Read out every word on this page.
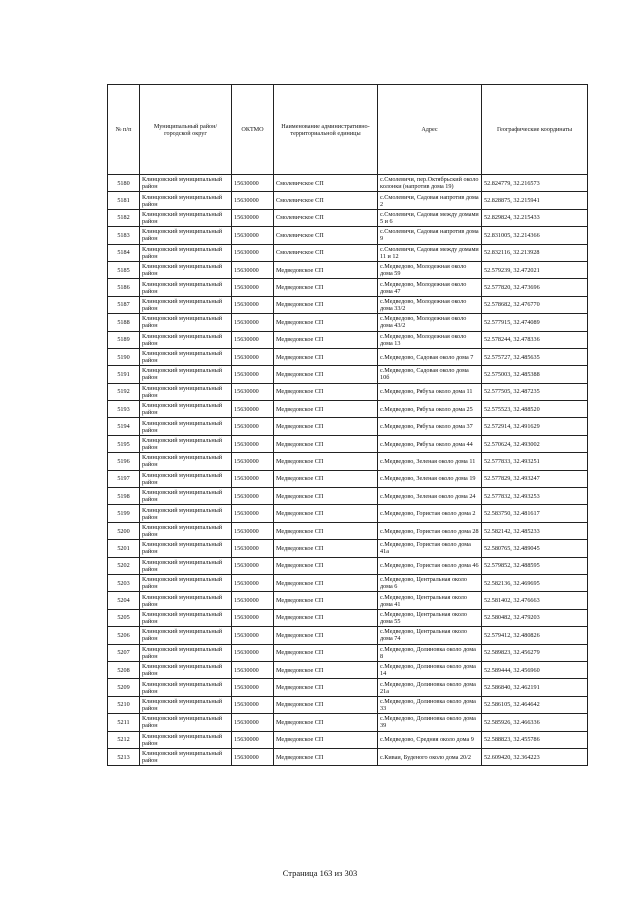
№ п/п	Муниципальный район/городской округ	ОКТМО	Наименование административно-территориальной единицы	Адрес	Географические координаты
5180	Клинцовский муниципальный район	15630000	Смолевичское СП	с.Смолевичи, пер.Октябрьский около колонки (напротив дома 19)	52.824779, 32.216573
5181	Клинцовский муниципальный район	15630000	Смолевичское СП	с.Смолевичи, Садовая напротив дома 2	52.828875, 32.215941
5182	Клинцовский муниципальный район	15630000	Смолевичское СП	с.Смолевичи, Садовая между домами 5 и 6	52.829824, 32.215433
5183	Клинцовский муниципальный район	15630000	Смолевичское СП	с.Смолевичи, Садовая напротив дома 9	52.831005, 32.214366
5184	Клинцовский муниципальный район	15630000	Смолевичское СП	с.Смолевичи, Садовая между домами 11 и 12	52.832116, 32.213928
5185	Клинцовский муниципальный район	15630000	Медведовское СП	с.Медведово, Молодежная около дома 59	52.579239, 32.472021
5186	Клинцовский муниципальный район	15630000	Медведовское СП	с.Медведово, Молодежная около дома 47	52.577820, 32.473696
5187	Клинцовский муниципальный район	15630000	Медведовское СП	с.Медведово, Молодежная около дома 33/2	52.578682, 32.476770
5188	Клинцовский муниципальный район	15630000	Медведовское СП	с.Медведово, Молодежная около дома 43/2	52.577915, 32.474089
5189	Клинцовский муниципальный район	15630000	Медведовское СП	с.Медведово, Молодежная около дома 13	52.578244, 32.478336
5190	Клинцовский муниципальный район	15630000	Медведовское СП	с.Медведово, Садовая около дома 7	52.575727, 32.485635
5191	Клинцовский муниципальный район	15630000	Медведовское СП	с.Медведово, Садовая около дома 10б	52.575003, 32.485388
5192	Клинцовский муниципальный район	15630000	Медведовское СП	с.Медведово, Рябуха около дома 11	52.577505, 32.487235
5193	Клинцовский муниципальный район	15630000	Медведовское СП	с.Медведово, Рябуха около дома 25	52.575523, 32.488520
5194	Клинцовский муниципальный район	15630000	Медведовское СП	с.Медведово, Рябуха около дома 37	52.572914, 32.491629
5195	Клинцовский муниципальный район	15630000	Медведовское СП	с.Медведово, Рябуха около дома 44	52.570624, 32.493002
5196	Клинцовский муниципальный район	15630000	Медведовское СП	с.Медведово, Зеленая около дома 11	52.577833, 32.493251
5197	Клинцовский муниципальный район	15630000	Медведовское СП	с.Медведово, Зеленая около дома 19	52.577829, 32.493247
5198	Клинцовский муниципальный район	15630000	Медведовское СП	с.Медведово, Зеленая около дома 24	52.577832, 32.493253
5199	Клинцовский муниципальный район	15630000	Медведовское СП	с.Медведово, Гористая около дома 2	52.583750, 32.481617
5200	Клинцовский муниципальный район	15630000	Медведовское СП	с.Медведово, Гористая около дома 28	52.582142, 32.485233
5201	Клинцовский муниципальный район	15630000	Медведовское СП	с.Медведово, Гористая около дома 41а	52.580765, 32.489045
5202	Клинцовский муниципальный район	15630000	Медведовское СП	с.Медведово, Гористая около дома 46	52.579852, 32.488595
5203	Клинцовский муниципальный район	15630000	Медведовское СП	с.Медведово, Центральная около дома 6	52.582136, 32.469695
5204	Клинцовский муниципальный район	15630000	Медведовское СП	с.Медведово, Центральная около дома 41	52.581402, 32.476663
5205	Клинцовский муниципальный район	15630000	Медведовское СП	с.Медведово, Центральная около дома 55	52.580482, 32.479203
5206	Клинцовский муниципальный район	15630000	Медведовское СП	с.Медведово, Центральная около дома 74	52.579412, 32.480826
5207	Клинцовский муниципальный район	15630000	Медведовское СП	с.Медведово, Долиновка около дома 8	52.589823, 32.456279
5208	Клинцовский муниципальный район	15630000	Медведовское СП	с.Медведово, Долиновка около дома 14	52.589444, 32.456960
5209	Клинцовский муниципальный район	15630000	Медведовское СП	с.Медведово, Долиновка около дома 21а	52.586840, 32.462191
5210	Клинцовский муниципальный район	15630000	Медведовское СП	с.Медведово, Долиновка около дома 33	52.586105, 32.464642
5211	Клинцовский муниципальный район	15630000	Медведовское СП	с.Медведово, Долиновка около дома 39	52.585926, 32.466336
5212	Клинцовский муниципальный район	15630000	Медведовское СП	с.Медведово, Средняя около дома 9	52.588823, 32.455786
5213	Клинцовский муниципальный район	15630000	Медведовское СП	с.Киваи, Буденого около дома 20/2	52.609420, 32.364223
Страница 163 из 303
